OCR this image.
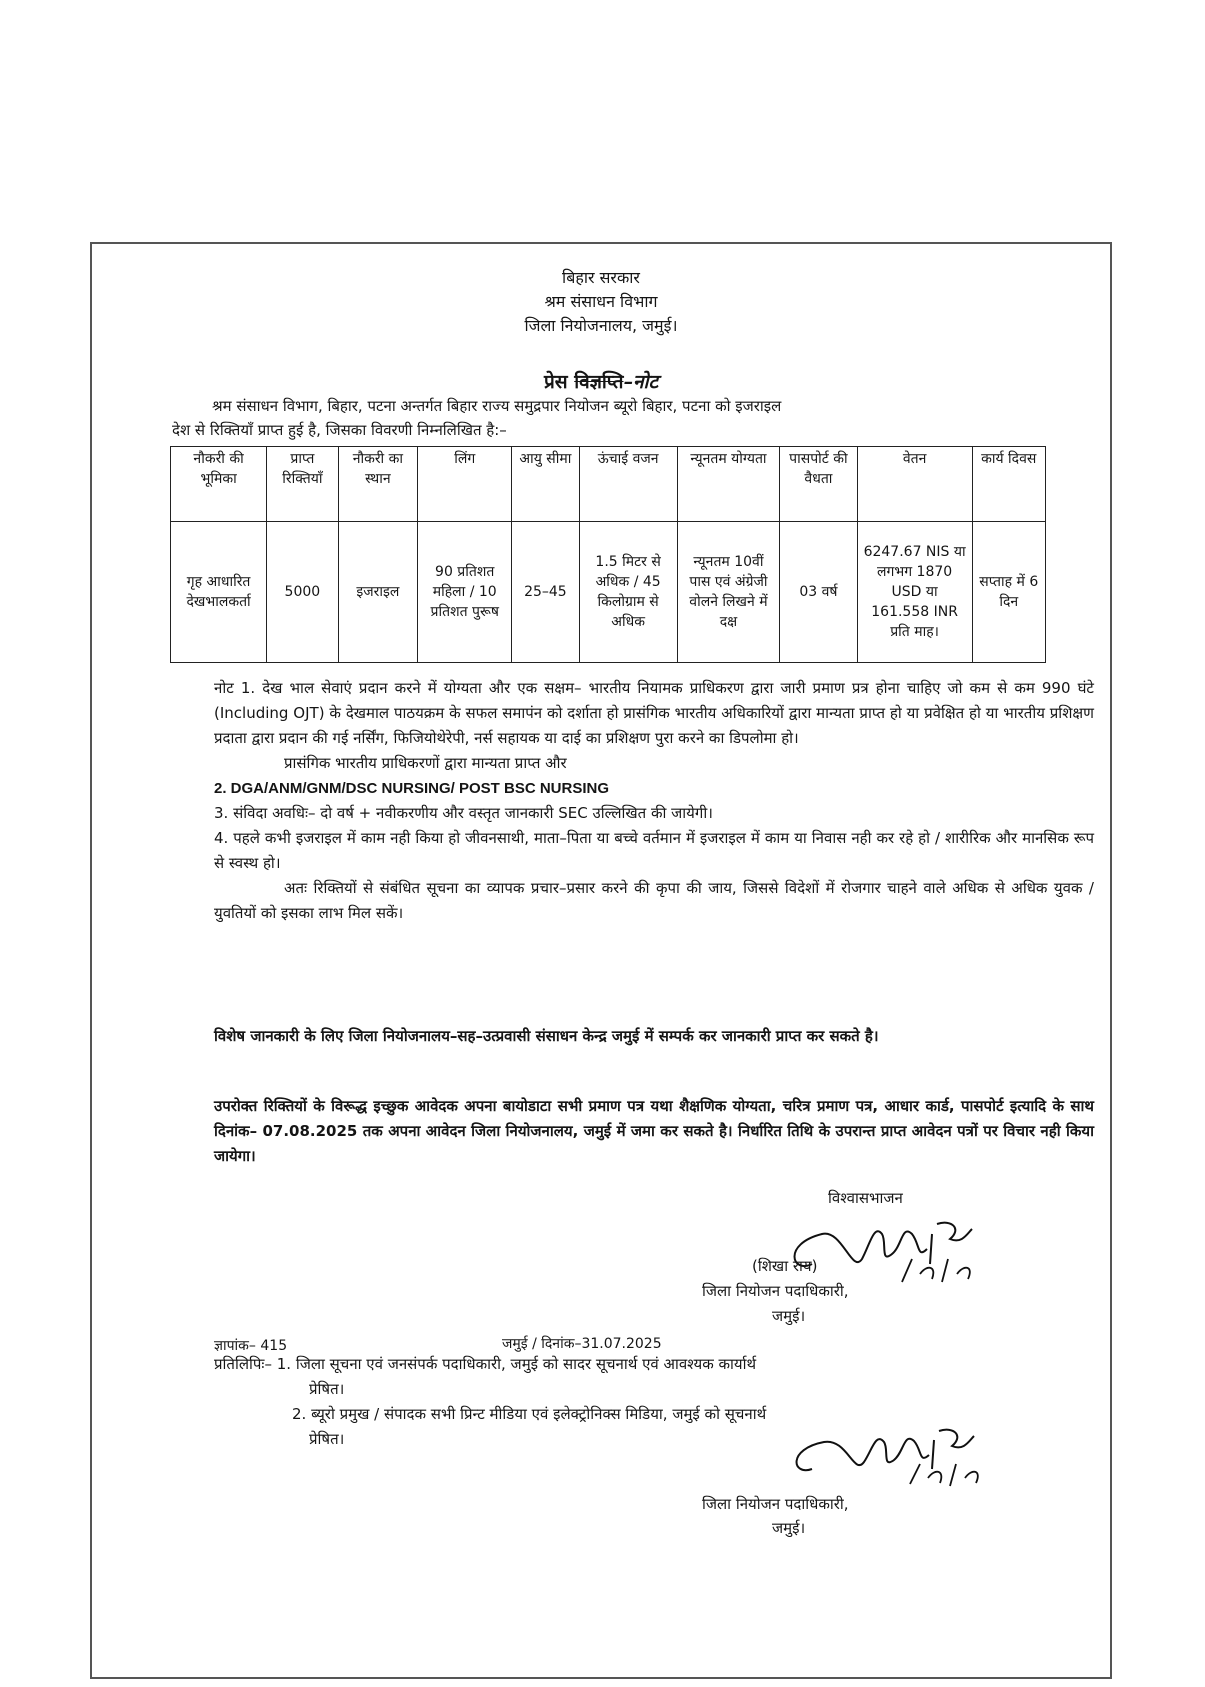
बिहार सरकार
श्रम संसाधन विभाग
जिला नियोजनालय, जमुई।
प्रेस विज्ञप्ति–नोट
श्रम संसाधन विभाग, बिहार, पटना अन्तर्गत बिहार राज्य समुद्रपार नियोजन ब्यूरो बिहार, पटना को इजराइल
देश से रिक्तियाँ प्राप्त हुई है, जिसका विवरणी निम्नलिखित है:–
नौकरी की भूमिका	प्राप्त रिक्तियाँ	नौकरी का स्थान	लिंग	आयु सीमा	ऊंचाई वजन	न्यूनतम योग्यता	पासपोर्ट की वैधता	वेतन	कार्य दिवस
गृह आधारित देखभालकर्ता	5000	इजराइल	90 प्रतिशत महिला / 10 प्रतिशत पुरूष	25–45	1.5 मिटर से अधिक / 45 किलोग्राम से अधिक	न्यूनतम 10वीं पास एवं अंग्रेजी वोलने लिखने में दक्ष	03 वर्ष	6247.67 NIS या लगभग 1870 USD या 161.558 INR प्रति माह।	सप्ताह में 6 दिन

नोट 1. देख भाल सेवाएं प्रदान करने में योग्यता और एक सक्षम– भारतीय नियामक प्राधिकरण द्वारा जारी प्रमाण प्रत्र होना चाहिए जो कम से कम 990 घंटे (Including OJT) के देखमाल पाठयक्रम के सफल समापंन को दर्शाता हो प्रासंगिक भारतीय अधिकारियों द्वारा मान्यता प्राप्त हो या प्रवेक्षित हो या भारतीय प्रशिक्षण प्रदाता द्वारा प्रदान की गई नर्सिंग, फिजियोथेरेपी, नर्स सहायक या दाई का प्रशिक्षण पुरा करने का डिपलोमा हो।

प्रासंगिक भारतीय प्राधिकरणों द्वारा मान्यता प्राप्त और

2. DGA/ANM/GNM/DSC NURSING/ POST BSC NURSING

3. संविदा अवधिः– दो वर्ष + नवीकरणीय और वस्तृत जानकारी SEC उल्लिखित की जायेगी।

4. पहले कभी इजराइल में काम नही किया हो जीवनसाथी, माता–पिता या बच्चे वर्तमान में इजराइल में काम या निवास नही कर रहे हो / शारीरिक और मानसिक रूप से स्वस्थ हो।

अतः रिक्तियों से संबंधित सूचना का व्यापक प्रचार–प्रसार करने की कृपा की जाय, जिससे विदेशों में रोजगार चाहने वाले अधिक से अधिक युवक / युवतियों को इसका लाभ मिल सकें।

विशेष जानकारी के लिए जिला नियोजनालय–सह–उत्प्रवासी संसाधन केन्द्र जमुई में सम्पर्क कर जानकारी प्राप्त कर सकते है।
उपरोक्त रिक्तियों के विरूद्ध इच्छुक आवेदक अपना बायोडाटा सभी प्रमाण पत्र यथा शैक्षणिक योग्यता, चरित्र प्रमाण पत्र, आधार कार्ड, पासपोर्ट इत्यादि के साथ दिनांक– 07.08.2025 तक अपना आवेदन जिला नियोजनालय, जमुई में जमा कर सकते है। निर्धारित तिथि के उपरान्त प्राप्त आवेदन पत्रों पर विचार नही किया जायेगा।
विश्वासभाजन
(शिखा राय)
जिला नियोजन पदाधिकारी,
जमुई।
ज्ञापांक– 415	जमुई / दिनांक–31.07.2025
प्रतिलिपिः– 1. जिला सूचना एवं जनसंपर्क पदाधिकारी, जमुई को सादर सूचनार्थ एवं आवश्यक कार्यार्थ
प्रेषित।
2. ब्यूरो प्रमुख / संपादक सभी प्रिन्ट मीडिया एवं इलेक्ट्रोनिक्स मिडिया, जमुई को सूचनार्थ
प्रेषित।
जिला नियोजन पदाधिकारी,
जमुई।
